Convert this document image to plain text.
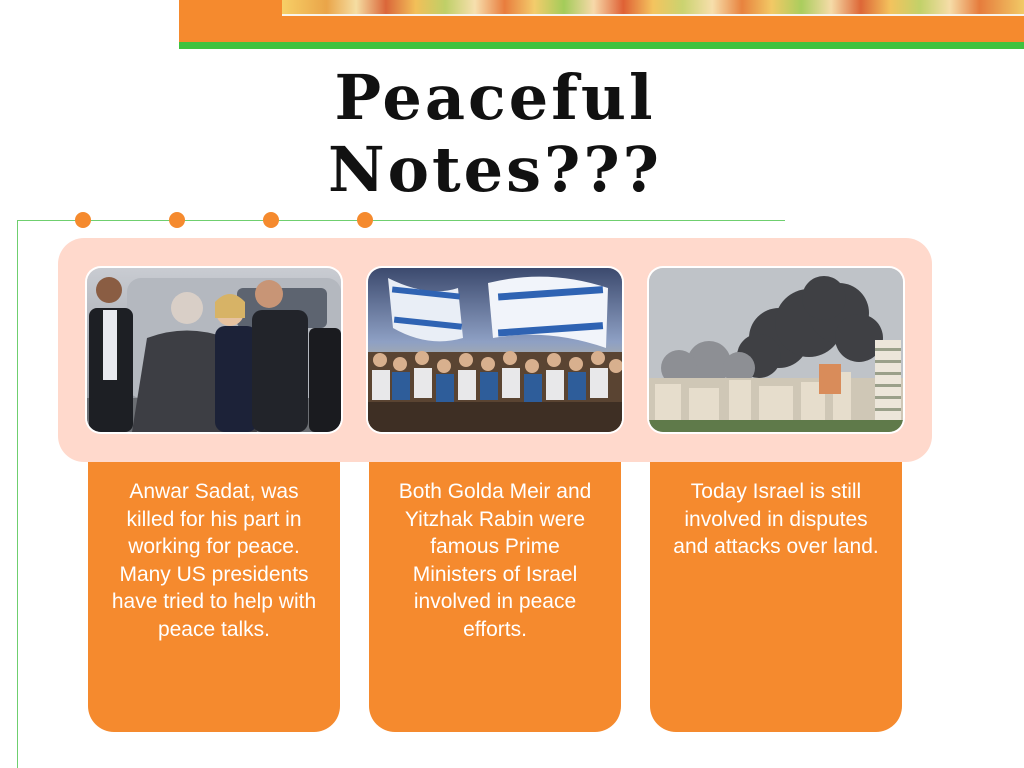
Peaceful
Notes???
Anwar Sadat, was killed for his part in working for peace. Many US presidents have tried to help with peace talks.
Both Golda Meir and Yitzhak Rabin were famous Prime Ministers of Israel involved in peace efforts.
Today Israel is still involved in disputes and attacks over land.
